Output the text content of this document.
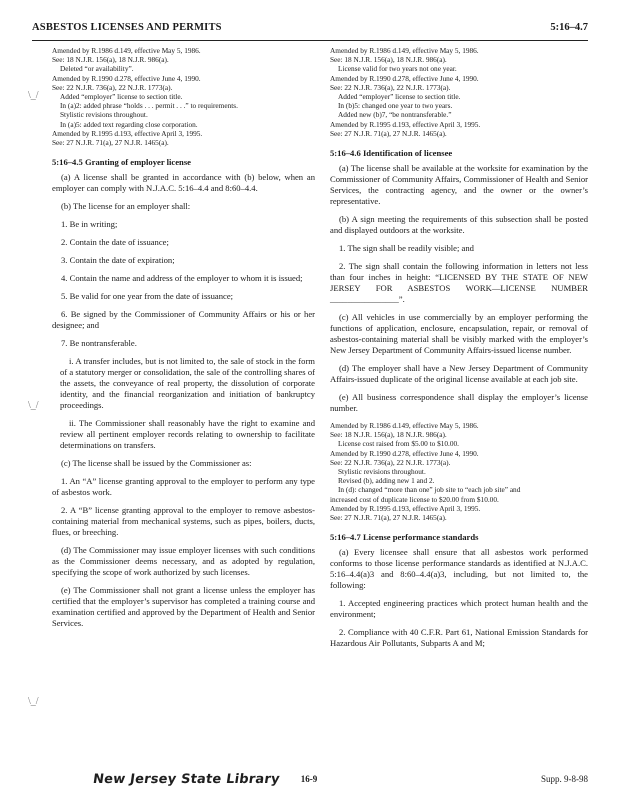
ASBESTOS LICENSES AND PERMITS	5:16–4.7
\_/
\_/
\_/

Amended by R.1986 d.149, effective May 5, 1986.

See: 18 N.J.R. 156(a), 18 N.J.R. 986(a).

Deleted “or availability”.

Amended by R.1990 d.278, effective June 4, 1990.

See: 22 N.J.R. 736(a), 22 N.J.R. 1773(a).

Added “employer” license to section title.

In (a)2: added phrase “holds . . . permit . . .” to requirements.

Stylistic revisions throughout.

In (a)5: added text regarding close corporation.

Amended by R.1995 d.193, effective April 3, 1995.

See: 27 N.J.R. 71(a), 27 N.J.R. 1465(a).

5:16–4.5 Granting of employer license

(a) A license shall be granted in accordance with (b) below, when an employer can comply with N.J.A.C. 5:16–4.4 and 8:60–4.4.

(b) The license for an employer shall:

1. Be in writing;

2. Contain the date of issuance;

3. Contain the date of expiration;

4. Contain the name and address of the employer to whom it is issued;

5. Be valid for one year from the date of issuance;

6. Be signed by the Commissioner of Community Affairs or his or her designee; and

7. Be nontransferable.

i. A transfer includes, but is not limited to, the sale of stock in the form of a statutory merger or consolidation, the sale of the controlling shares of the assets, the conveyance of real property, the dissolution of corporate identity, and the financial reorganization and initiation of bankruptcy proceedings.

ii. The Commissioner shall reasonably have the right to examine and review all pertinent employer records relating to ownership to facilitate determinations on transfers.

(c) The license shall be issued by the Commissioner as:

1. An “A” license granting approval to the employer to perform any type of asbestos work.

2. A “B” license granting approval to the employer to remove asbestos-containing material from mechanical systems, such as pipes, boilers, ducts, flues, or breeching.

(d) The Commissioner may issue employer licenses with such conditions as the Commissioner deems necessary, and as adopted by regulation, specifying the scope of work authorized by such licenses.

(e) The Commissioner shall not grant a license unless the employer has certified that the employer’s supervisor has completed a training course and examination certified and approved by the Department of Health and Senior Services.

Amended by R.1986 d.149, effective May 5, 1986.

See: 18 N.J.R. 156(a), 18 N.J.R. 986(a).

License valid for two years not one year.

Amended by R.1990 d.278, effective June 4, 1990.

See: 22 N.J.R. 736(a), 22 N.J.R. 1773(a).

Added “employer” license to section title.

In (b)5: changed one year to two years.

Added new (b)7, “be nontransferable.”

Amended by R.1995 d.193, effective April 3, 1995.

See: 27 N.J.R. 71(a), 27 N.J.R. 1465(a).

5:16–4.6 Identification of licensee

(a) The license shall be available at the worksite for examination by the Commissioner of Community Affairs, Commissioner of Health and Senior Services, the contracting agency, and the owner or the owner’s representative.

(b) A sign meeting the requirements of this subsection shall be posted and displayed outdoors at the worksite.

1. The sign shall be readily visible; and

2. The sign shall contain the following information in letters not less than four inches in height: “LICENSED BY THE STATE OF NEW JERSEY FOR ASBESTOS WORK—LICENSE NUMBER ________________”.

(c) All vehicles in use commercially by an employer performing the functions of application, enclosure, encapsulation, repair, or removal of asbestos-containing material shall be visibly marked with the employer’s New Jersey Department of Community Affairs-issued license number.

(d) The employer shall have a New Jersey Department of Community Affairs-issued duplicate of the original license available at each job site.

(e) All business correspondence shall display the employer’s license number.

Amended by R.1986 d.149, effective May 5, 1986.

See: 18 N.J.R. 156(a), 18 N.J.R. 986(a).

License cost raised from $5.00 to $10.00.

Amended by R.1990 d.278, effective June 4, 1990.

See: 22 N.J.R. 736(a), 22 N.J.R. 1773(a).

Stylistic revisions throughout.

Revised (b), adding new 1 and 2.

In (d): changed “more than one” job site to “each job site” and

increased cost of duplicate license to $20.00 from $10.00.

Amended by R.1995 d.193, effective April 3, 1995.

See: 27 N.J.R. 71(a), 27 N.J.R. 1465(a).

5:16–4.7 License performance standards

(a) Every licensee shall ensure that all asbestos work performed conforms to those license performance standards as identified at N.J.A.C. 5:16–4.4(a)3 and 8:60–4.4(a)3, including, but not limited to, the following:

1. Accepted engineering practices which protect human health and the environment;

2. Compliance with 40 C.F.R. Part 61, National Emission Standards for Hazardous Air Pollutants, Subparts A and M;

New Jersey State Library	16-9	Supp. 9-8-98
